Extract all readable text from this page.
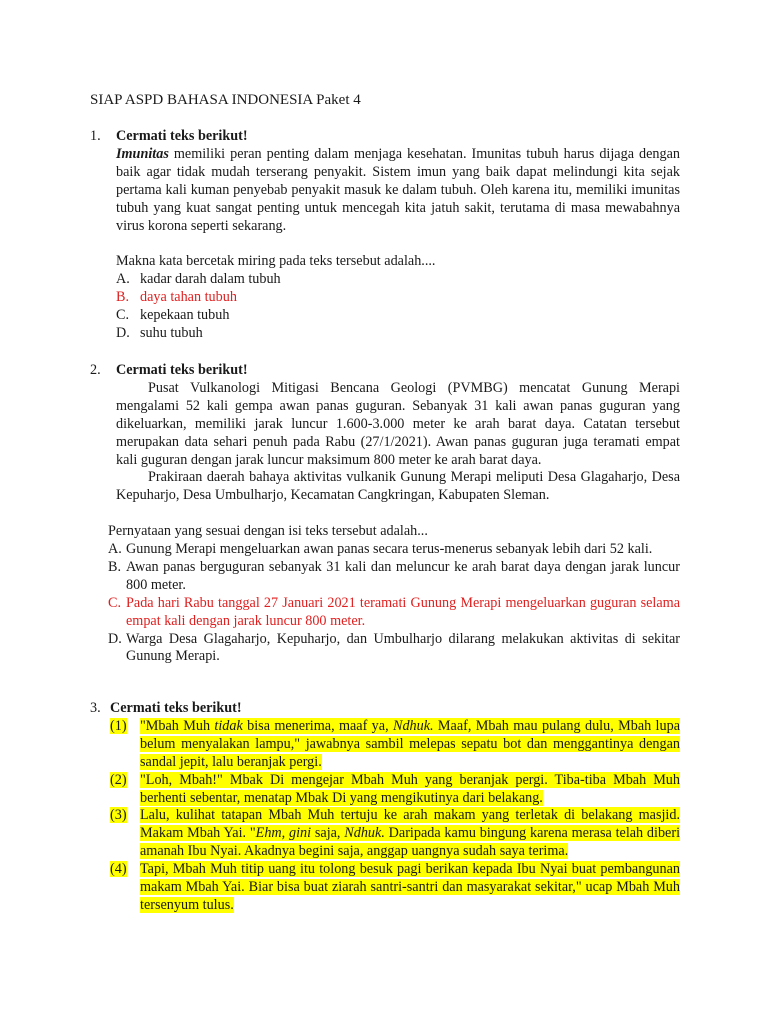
SIAP ASPD BAHASA INDONESIA Paket 4
1. Cermati teks berikut!
Imunitas memiliki peran penting dalam menjaga kesehatan. Imunitas tubuh harus dijaga dengan baik agar tidak mudah terserang penyakit. Sistem imun yang baik dapat melindungi kita sejak pertama kali kuman penyebab penyakit masuk ke dalam tubuh. Oleh karena itu, memiliki imunitas tubuh yang kuat sangat penting untuk mencegah kita jatuh sakit, terutama di masa mewabahnya virus korona seperti sekarang.
Makna kata bercetak miring pada teks tersebut adalah....
A. kadar darah dalam tubuh
B. daya tahan tubuh
C. kepekaan tubuh
D. suhu tubuh
2. Cermati teks berikut!
Pusat Vulkanologi Mitigasi Bencana Geologi (PVMBG) mencatat Gunung Merapi mengalami 52 kali gempa awan panas guguran. Sebanyak 31 kali awan panas guguran yang dikeluarkan, memiliki jarak luncur 1.600-3.000 meter ke arah barat daya. Catatan tersebut merupakan data sehari penuh pada Rabu (27/1/2021). Awan panas guguran juga teramati empat kali guguran dengan jarak luncur maksimum 800 meter ke arah barat daya.
Prakiraan daerah bahaya aktivitas vulkanik Gunung Merapi meliputi Desa Glagaharjo, Desa Kepuharjo, Desa Umbulharjo, Kecamatan Cangkringan, Kabupaten Sleman.
Pernyataan yang sesuai dengan isi teks tersebut adalah...
A. Gunung Merapi mengeluarkan awan panas secara terus-menerus sebanyak lebih dari 52 kali.
B. Awan panas berguguran sebanyak 31 kali dan meluncur ke arah barat daya dengan jarak luncur 800 meter.
C. Pada hari Rabu tanggal 27 Januari 2021 teramati Gunung Merapi mengeluarkan guguran selama empat kali dengan jarak luncur 800 meter.
D. Warga Desa Glagaharjo, Kepuharjo, dan Umbulharjo dilarang melakukan aktivitas di sekitar Gunung Merapi.
3. Cermati teks berikut!
(1) "Mbah Muh tidak bisa menerima, maaf ya, Ndhuk. Maaf, Mbah mau pulang dulu, Mbah lupa belum menyalakan lampu," jawabnya sambil melepas sepatu bot dan menggantinya dengan sandal jepit, lalu beranjak pergi.
(2) "Loh, Mbah!" Mbak Di mengejar Mbah Muh yang beranjak pergi. Tiba-tiba Mbah Muh berhenti sebentar, menatap Mbak Di yang mengikutinya dari belakang.
(3) Lalu, kulihat tatapan Mbah Muh tertuju ke arah makam yang terletak di belakang masjid. Makam Mbah Yai. "Ehm, gini saja, Ndhuk. Daripada kamu bingung karena merasa telah diberi amanah Ibu Nyai. Akadnya begini saja, anggap uangnya sudah saya terima.
(4) Tapi, Mbah Muh titip uang itu tolong besuk pagi berikan kepada Ibu Nyai buat pembangunan makam Mbah Yai. Biar bisa buat ziarah santri-santri dan masyarakat sekitar," ucap Mbah Muh tersenyum tulus.
